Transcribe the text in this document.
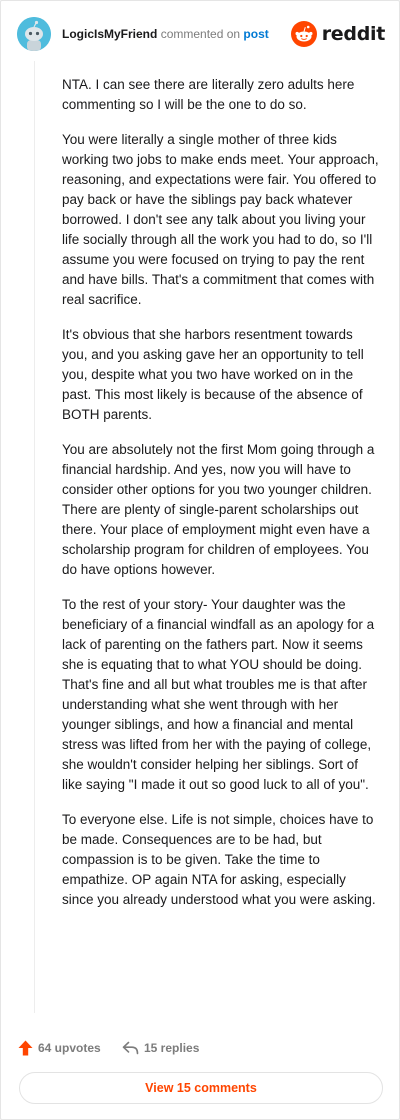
LogicIsMyFriend commented on post	reddit

NTA. I can see there are literally zero adults here commenting so I will be the one to do so.

You were literally a single mother of three kids working two jobs to make ends meet. Your approach, reasoning, and expectations were fair. You offered to pay back or have the siblings pay back whatever borrowed. I don't see any talk about you living your life socially through all the work you had to do, so I'll assume you were focused on trying to pay the rent and have bills. That's a commitment that comes with real sacrifice.

It's obvious that she harbors resentment towards you, and you asking gave her an opportunity to tell you, despite what you two have worked on in the past. This most likely is because of the absence of BOTH parents.

You are absolutely not the first Mom going through a financial hardship. And yes, now you will have to consider other options for you two younger children. There are plenty of single-parent scholarships out there. Your place of employment might even have a scholarship program for children of employees. You do have options however.

To the rest of your story- Your daughter was the beneficiary of a financial windfall as an apology for a lack of parenting on the fathers part. Now it seems she is equating that to what YOU should be doing. That's fine and all but what troubles me is that after understanding what she went through with her younger siblings, and how a financial and mental stress was lifted from her with the paying of college, she wouldn't consider helping her siblings. Sort of like saying "I made it out so good luck to all of you".

To everyone else. Life is not simple, choices have to be made. Consequences are to be had, but compassion is to be given. Take the time to empathize. OP again NTA for asking, especially since you already understood what you were asking.

64 upvotes	15 replies
View 15 comments
